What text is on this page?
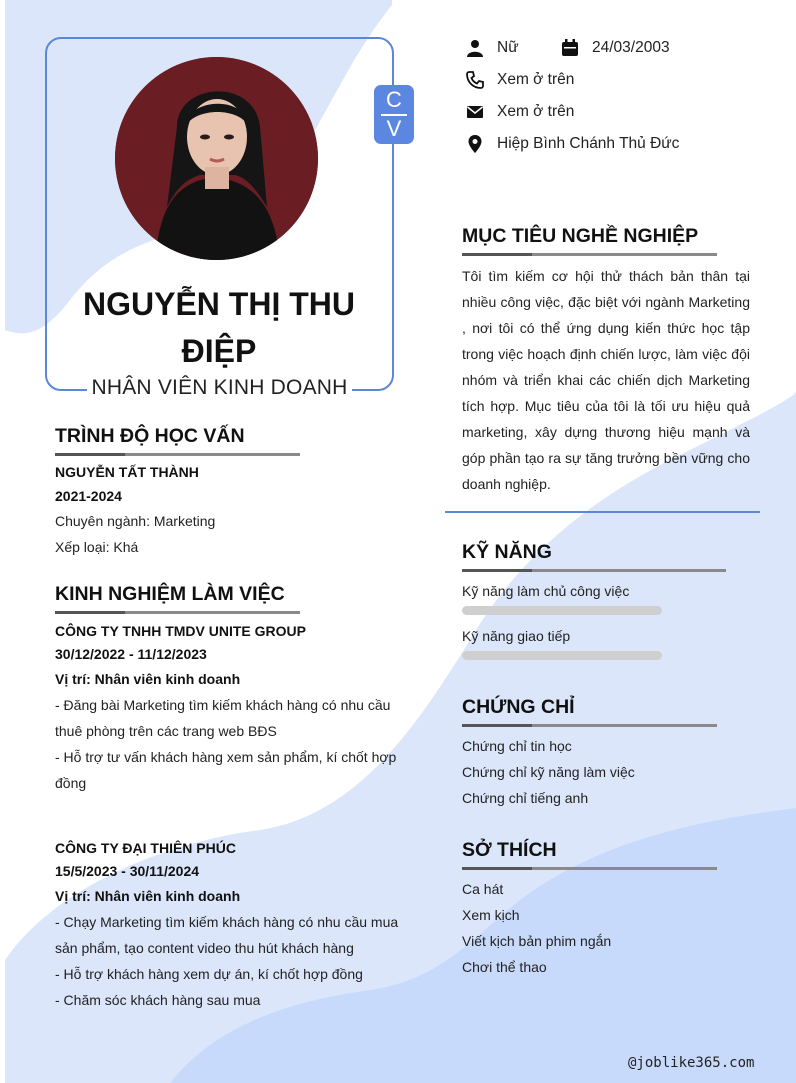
C
V
NGUYỄN THỊ THU
ĐIỆP
NHÂN VIÊN KINH DOANH
Nữ	24/03/2003
Xem ở trên
Xem ở trên
Hiệp Bình Chánh Thủ Đức
MỤC TIÊU NGHỀ NGHIỆP
Tôi tìm kiếm cơ hội thử thách bản thân tại nhiều công việc, đặc biệt với ngành Marketing , nơi tôi có thể ứng dụng kiến thức học tập trong việc hoạch định chiến lược, làm việc đội nhóm và triển khai các chiến dịch Marketing tích hợp. Mục tiêu của tôi là tối ưu hiệu quả marketing, xây dựng thương hiệu mạnh và góp phần tạo ra sự tăng trưởng bền vững cho doanh nghiệp.
TRÌNH ĐỘ HỌC VẤN
NGUYỄN TẤT THÀNH
2021-2024
Chuyên ngành: Marketing
Xếp loại: Khá
KINH NGHIỆM LÀM VIỆC
CÔNG TY TNHH TMDV UNITE GROUP
30/12/2022 - 11/12/2023
Vị trí: Nhân viên kinh doanh
- Đăng bài Marketing tìm kiếm khách hàng có nhu cầu
thuê phòng trên các trang web BĐS
- Hỗ trợ tư vấn khách hàng xem sản phẩm, kí chốt hợp
đồng
CÔNG TY ĐẠI THIÊN PHÚC
15/5/2023 - 30/11/2024
Vị trí: Nhân viên kinh doanh
- Chạy Marketing tìm kiếm khách hàng có nhu cầu mua
sản phẩm, tạo content video thu hút khách hàng
- Hỗ trợ khách hàng xem dự án, kí chốt hợp đồng
- Chăm sóc khách hàng sau mua
KỸ NĂNG
Kỹ năng làm chủ công việc
Kỹ năng giao tiếp
CHỨNG CHỈ
Chứng chỉ tin học
Chứng chỉ kỹ năng làm việc
Chứng chỉ tiếng anh
SỞ THÍCH
Ca hát
Xem kịch
Viết kịch bản phim ngắn
Chơi thể thao
@joblike365.com
